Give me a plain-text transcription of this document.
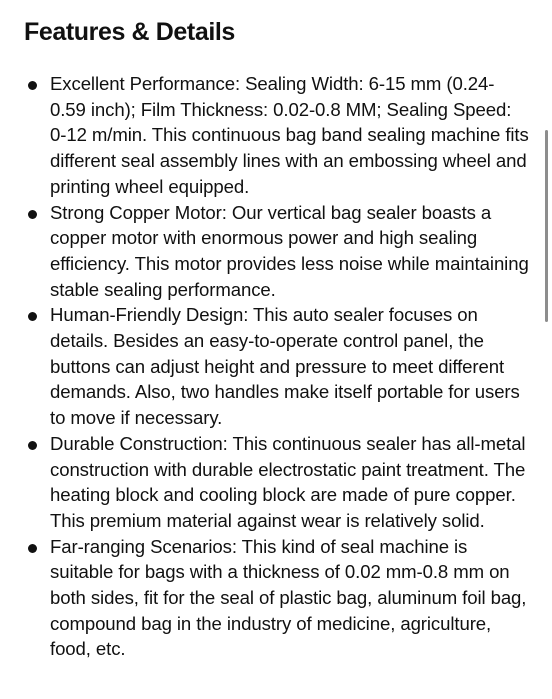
Features & Details
Excellent Performance: Sealing Width: 6-15 mm (0.24-0.59 inch); Film Thickness: 0.02-0.8 MM; Sealing Speed: 0-12 m/min. This continuous bag band sealing machine fits different seal assembly lines with an embossing wheel and printing wheel equipped.
Strong Copper Motor: Our vertical bag sealer boasts a copper motor with enormous power and high sealing efficiency. This motor provides less noise while maintaining stable sealing performance.
Human-Friendly Design: This auto sealer focuses on details. Besides an easy-to-operate control panel, the buttons can adjust height and pressure to meet different demands. Also, two handles make itself portable for users to move if necessary.
Durable Construction: This continuous sealer has all-metal construction with durable electrostatic paint treatment. The heating block and cooling block are made of pure copper. This premium material against wear is relatively solid.
Far-ranging Scenarios: This kind of seal machine is suitable for bags with a thickness of 0.02 mm-0.8 mm on both sides, fit for the seal of plastic bag, aluminum foil bag, compound bag in the industry of medicine, agriculture, food, etc.
